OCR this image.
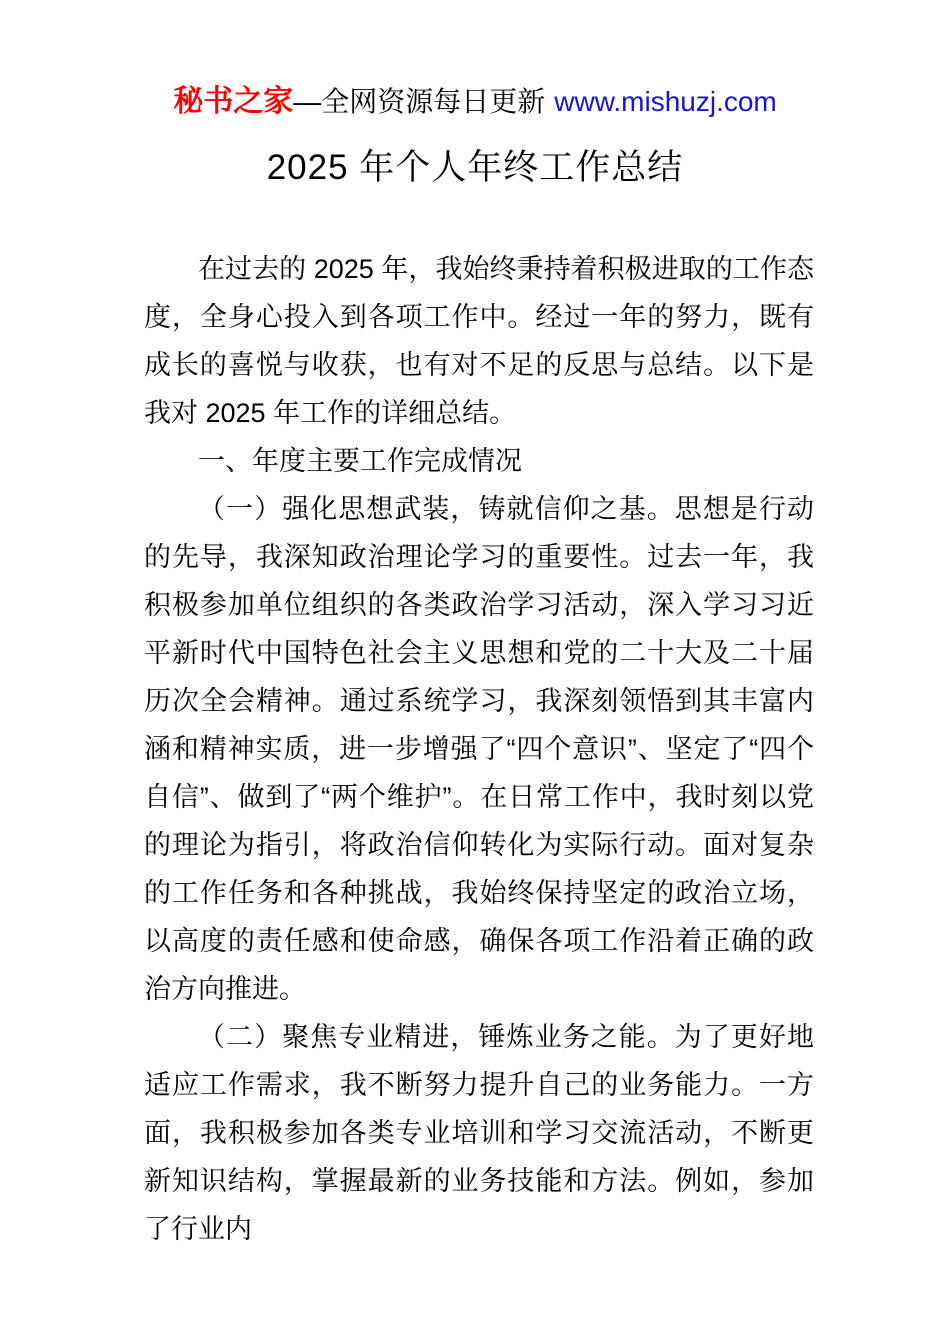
秘书之家—全网资源每日更新 www.mishuzj.com
2025 年个人年终工作总结

在过去的 2025 年，我始终秉持着积极进取的工作态度，全身心投入到各项工作中。经过一年的努力，既有成长的喜悦与收获，也有对不足的反思与总结。以下是我对 2025 年工作的详细总结。

一、年度主要工作完成情况

（一）强化思想武装，铸就信仰之基。思想是行动的先导，我深知政治理论学习的重要性。过去一年，我积极参加单位组织的各类政治学习活动，深入学习习近平新时代中国特色社会主义思想和党的二十大及二十届历次全会精神。通过系统学习，我深刻领悟到其丰富内涵和精神实质，进一步增强了“四个意识”、坚定了“四个自信”、做到了“两个维护”。在日常工作中，我时刻以党的理论为指引，将政治信仰转化为实际行动。面对复杂的工作任务和各种挑战，我始终保持坚定的政治立场，以高度的责任感和使命感，确保各项工作沿着正确的政治方向推进。

（二）聚焦专业精进，锤炼业务之能。为了更好地适应工作需求，我不断努力提升自己的业务能力。一方面，我积极参加各类专业培训和学习交流活动，不断更新知识结构，掌握最新的业务技能和方法。例如，参加了行业内
